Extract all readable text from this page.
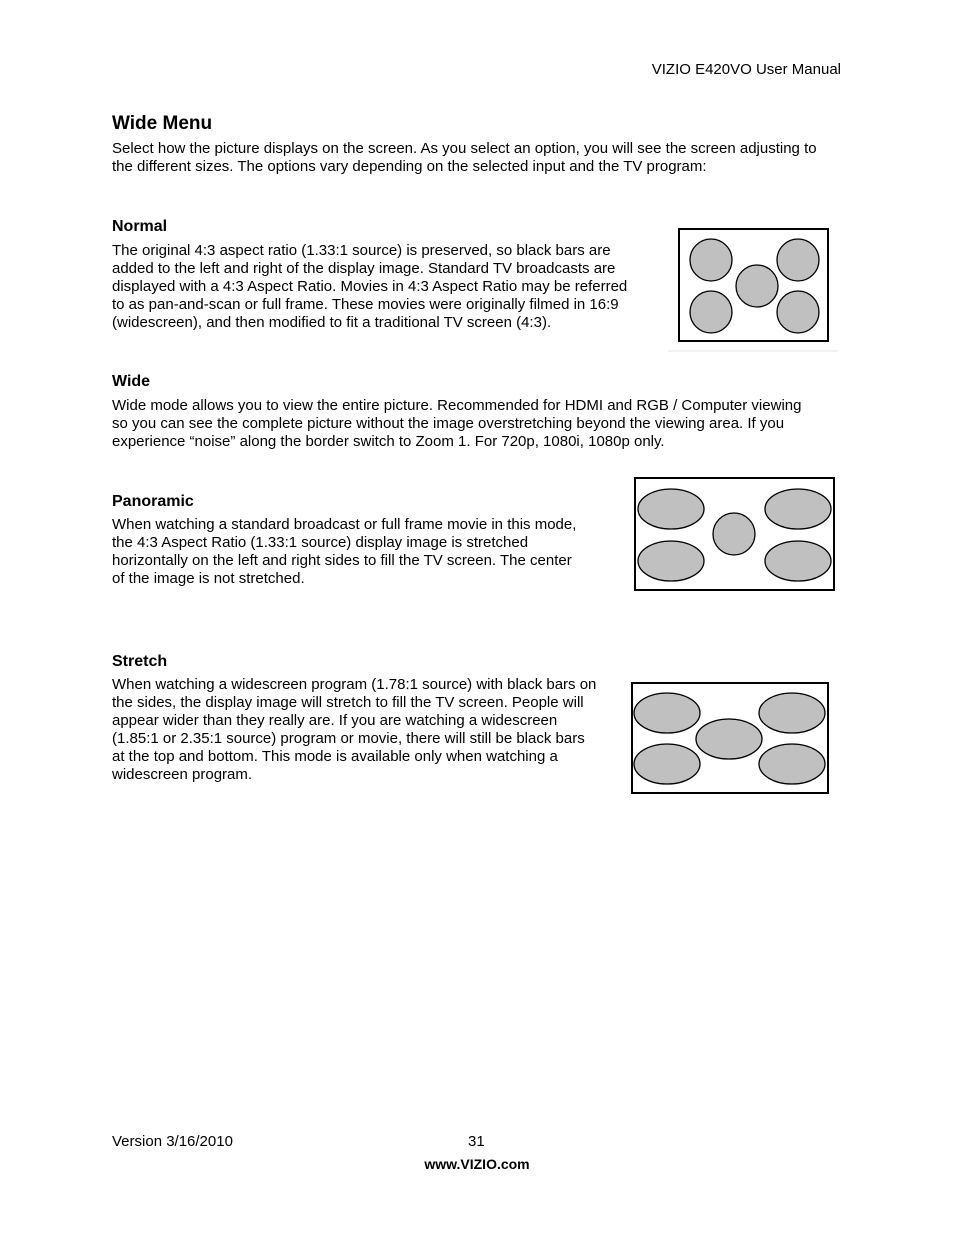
VIZIO E420VO User Manual
Wide Menu
Select how the picture displays on the screen. As you select an option, you will see the screen adjusting to the different sizes. The options vary depending on the selected input and the TV program:
Normal
The original 4:3 aspect ratio (1.33:1 source) is preserved, so black bars are
added to the left and right of the display image. Standard TV broadcasts are
displayed with a 4:3 Aspect Ratio. Movies in 4:3 Aspect Ratio may be referred
to as pan-and-scan or full frame. These movies were originally filmed in 16:9
(widescreen), and then modified to fit a traditional TV screen (4:3).
Wide
Wide mode allows you to view the entire picture. Recommended for HDMI and RGB / Computer viewing
so you can see the complete picture without the image overstretching beyond the viewing area. If you
experience “noise” along the border switch to Zoom 1. For 720p, 1080i, 1080p only.
Panoramic
When watching a standard broadcast or full frame movie in this mode,
the 4:3 Aspect Ratio (1.33:1 source) display image is stretched
horizontally on the left and right sides to fill the TV screen. The center
of the image is not stretched.
Stretch
When watching a widescreen program (1.78:1 source) with black bars on
the sides, the display image will stretch to fill the TV screen. People will
appear wider than they really are. If you are watching a widescreen
(1.85:1 or 2.35:1 source) program or movie, there will still be black bars
at the top and bottom. This mode is available only when watching a
widescreen program.
Version 3/16/2010	31
www.VIZIO.com
